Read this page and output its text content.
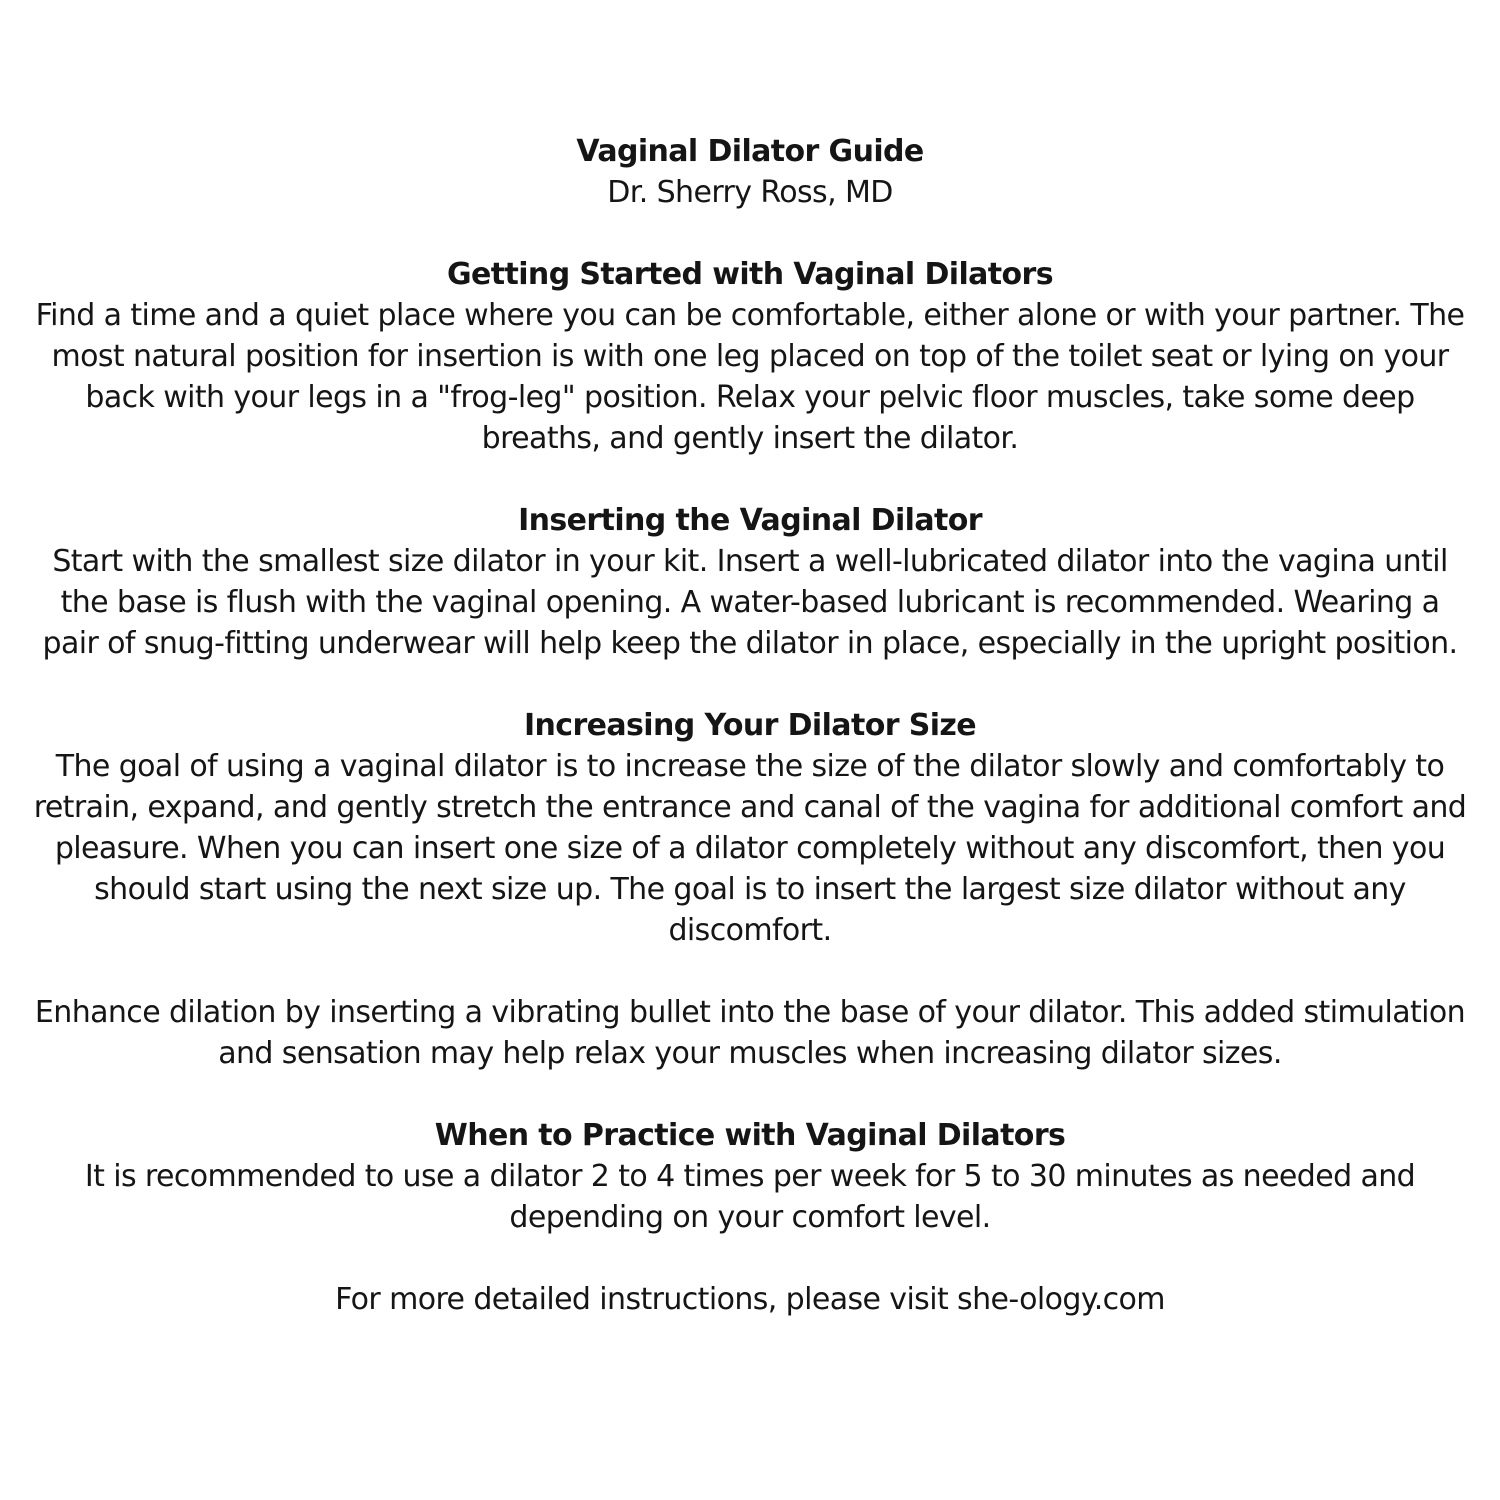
Vaginal Dilator Guide
Dr. Sherry Ross, MD
Getting Started with Vaginal Dilators
Find a time and a quiet place where you can be comfortable, either alone or with your partner. The most natural position for insertion is with one leg placed on top of the toilet seat or lying on your back with your legs in a "frog-leg" position. Relax your pelvic floor muscles, take some deep breaths, and gently insert the dilator.
Inserting the Vaginal Dilator
Start with the smallest size dilator in your kit. Insert a well-lubricated dilator into the vagina until the base is flush with the vaginal opening. A water-based lubricant is recommended. Wearing a pair of snug-fitting underwear will help keep the dilator in place, especially in the upright position.
Increasing Your Dilator Size
The goal of using a vaginal dilator is to increase the size of the dilator slowly and comfortably to retrain, expand, and gently stretch the entrance and canal of the vagina for additional comfort and pleasure. When you can insert one size of a dilator completely without any discomfort, then you should start using the next size up. The goal is to insert the largest size dilator without any discomfort.
Enhance dilation by inserting a vibrating bullet into the base of your dilator. This added stimulation and sensation may help relax your muscles when increasing dilator sizes.
When to Practice with Vaginal Dilators
It is recommended to use a dilator 2 to 4 times per week for 5 to 30 minutes as needed and depending on your comfort level.
For more detailed instructions, please visit she-ology.com
